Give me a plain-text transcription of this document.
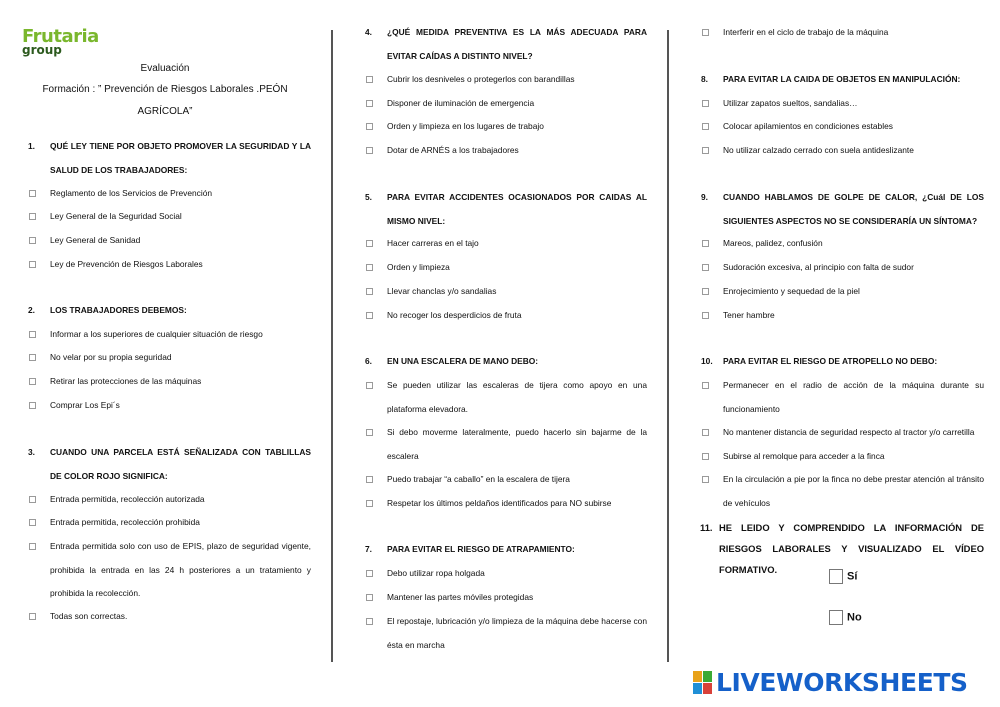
Frutaria
group
Evaluación
Formación : ” Prevención de Riesgos Laborales .PEÓN AGRÍCOLA”
1.	QUÉ LEY TIENE POR OBJETO PROMOVER LA SEGURIDAD Y LA SALUD DE LOS TRABAJADORES:
Reglamento de los Servicios de Prevención
Ley General de la Seguridad Social
Ley General de Sanidad
Ley de Prevención de Riesgos Laborales
2.	LOS TRABAJADORES DEBEMOS:
Informar a los superiores de cualquier situación de riesgo
No velar por su propia seguridad
Retirar las protecciones de las máquinas
Comprar Los Epi´s
3.	CUANDO UNA PARCELA ESTÁ SEÑALIZADA CON TABLILLAS DE COLOR ROJO SIGNIFICA:
Entrada permitida, recolección autorizada
Entrada permitida, recolección prohibida
Entrada permitida solo con uso de EPIS, plazo de seguridad vigente, prohibida la entrada en las 24 h posteriores a un tratamiento y prohibida la recolección.
Todas son correctas.
4.	¿QUÉ MEDIDA PREVENTIVA ES LA MÁS ADECUADA PARA EVITAR CAÍDAS A DISTINTO NIVEL?
Cubrir los desniveles o protegerlos con barandillas
Disponer de iluminación de emergencia
Orden y limpieza en los lugares de trabajo
Dotar de ARNÉS a los trabajadores
5.	PARA EVITAR ACCIDENTES OCASIONADOS POR CAIDAS AL MISMO NIVEL:
Hacer carreras en el tajo
Orden y limpieza
Llevar chanclas y/o sandalias
No recoger los desperdicios de fruta
6.	EN UNA ESCALERA DE MANO DEBO:
Se pueden utilizar las escaleras de tijera como apoyo en una plataforma elevadora.
Si debo moverme lateralmente, puedo hacerlo sin bajarme de la escalera
Puedo trabajar “a caballo” en la escalera de tijera
Respetar los últimos peldaños identificados para NO subirse
7.	PARA EVITAR EL RIESGO DE ATRAPAMIENTO:
Debo utilizar ropa holgada
Mantener las partes móviles protegidas
El repostaje, lubricación y/o limpieza de la máquina debe hacerse con ésta en marcha
Interferir en el ciclo de trabajo de la máquina
8.	PARA EVITAR LA CAIDA DE OBJETOS EN MANIPULACIÓN:
Utilizar zapatos sueltos, sandalias…
Colocar apilamientos en condiciones estables
No utilizar calzado cerrado con suela antideslizante
9.	CUANDO HABLAMOS DE GOLPE DE CALOR, ¿Cuál DE LOS SIGUIENTES ASPECTOS NO SE CONSIDERARÍA UN SÍNTOMA?
Mareos, palidez, confusión
Sudoración excesiva, al principio con falta de sudor
Enrojecimiento y sequedad de la piel
Tener hambre
10.	PARA EVITAR EL RIESGO DE ATROPELLO NO DEBO:
Permanecer en el radio de acción de la máquina durante su funcionamiento
No mantener distancia de seguridad respecto al tractor y/o carretilla
Subirse al remolque para acceder a la finca
En la circulación a pie por la finca no debe prestar atención al tránsito de vehículos
11. HE LEIDO Y COMPRENDIDO LA INFORMACIÓN DE RIESGOS LABORALES Y VISUALIZADO EL VÍDEO FORMATIVO.
Sí
No
LIVEWORKSHEETS
